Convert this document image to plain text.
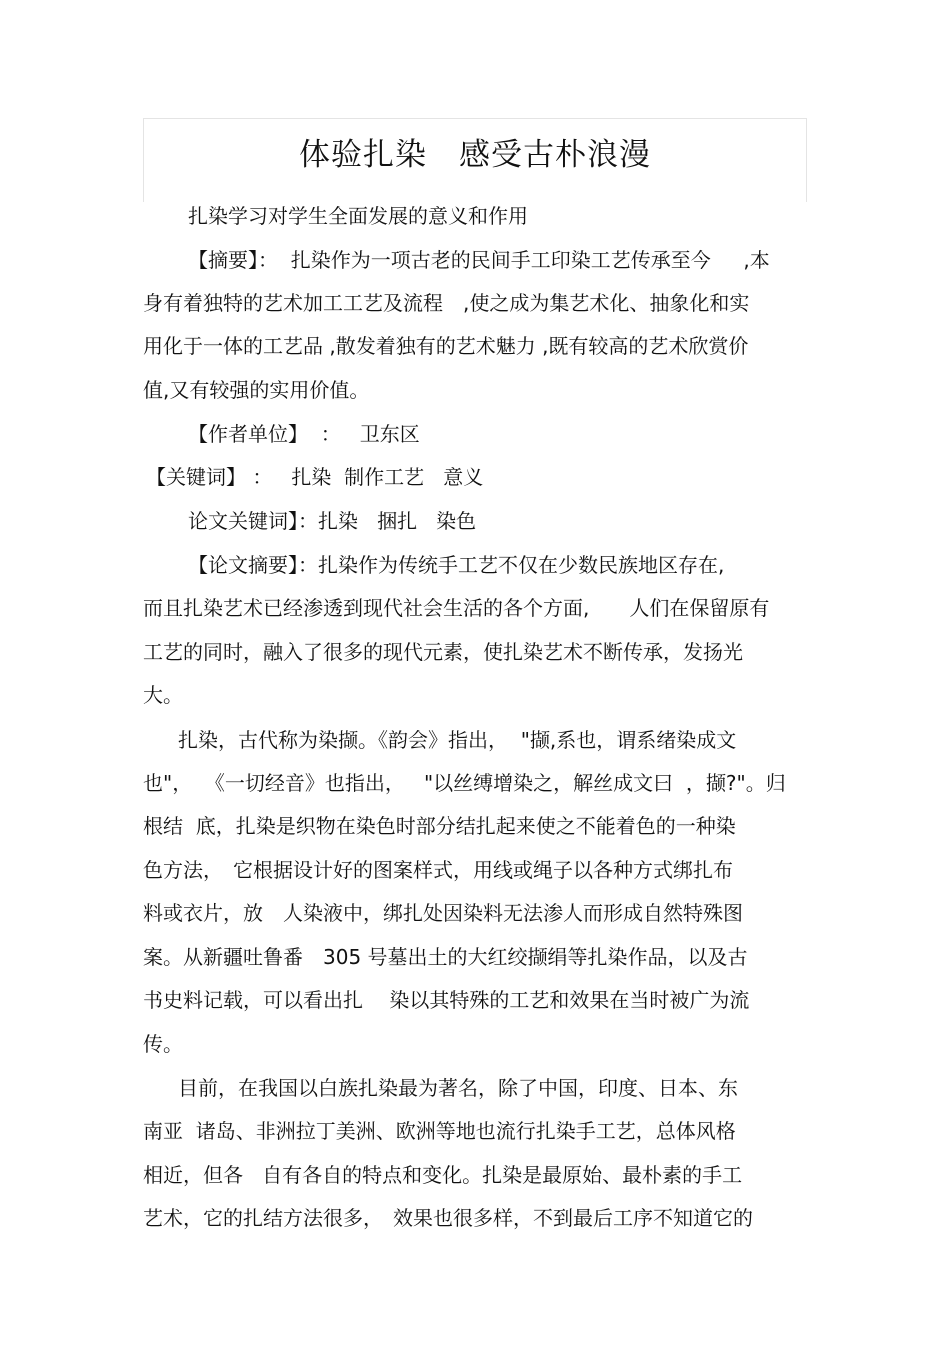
体验扎染　感受古朴浪漫
扎染学习对学生全面发展的意义和作用
【摘要】：  扎染作为一项古老的民间手工印染工艺传承至今　  ,本
身有着独特的艺术加工工艺及流程　,使之成为集艺术化、抽象化和实
用化于一体的工艺品 ,散发着独有的艺术魅力 ,既有较高的艺术欣赏价
值,又有较强的实用价值。
【作者单位】  ：   卫东区
【关键词】 ：   扎染  制作工艺   意义
论文关键词】：扎染   捆扎   染色
【论文摘要】：扎染作为传统手工艺不仅在少数民族地区存在,
而且扎染艺术已经渗透到现代社会生活的各个方面,　　人们在保留原有
工艺的同时，融入了很多的现代元素，使扎染艺术不断传承，发扬光
大。
扎染，古代称为染撷。《韵会》指出，  "撷,系也，谓系绪染成文
也"，  《一切经音》也指出，   "以丝缚增染之，解丝成文曰  ，撷?"。归
根结  底，扎染是织物在染色时部分结扎起来使之不能着色的一种染
色方法，　它根据设计好的图案样式，用线或绳子以各种方式绑扎布
料或衣片，放　人染液中，绑扎处因染料无法渗人而形成自然特殊图
案。从新疆吐鲁番　305 号墓出土的大红绞撷绢等扎染作品，以及古
书史料记载，可以看出扎　 染以其特殊的工艺和效果在当时被广为流
传。
目前，在我国以白族扎染最为著名，除了中国，印度、日本、东
南亚  诸岛、非洲拉丁美洲、欧洲等地也流行扎染手工艺，总体风格
相近，但各   自有各自的特点和变化。扎染是最原始、最朴素的手工
艺术，它的扎结方法很多，　效果也很多样，不到最后工序不知道它的
